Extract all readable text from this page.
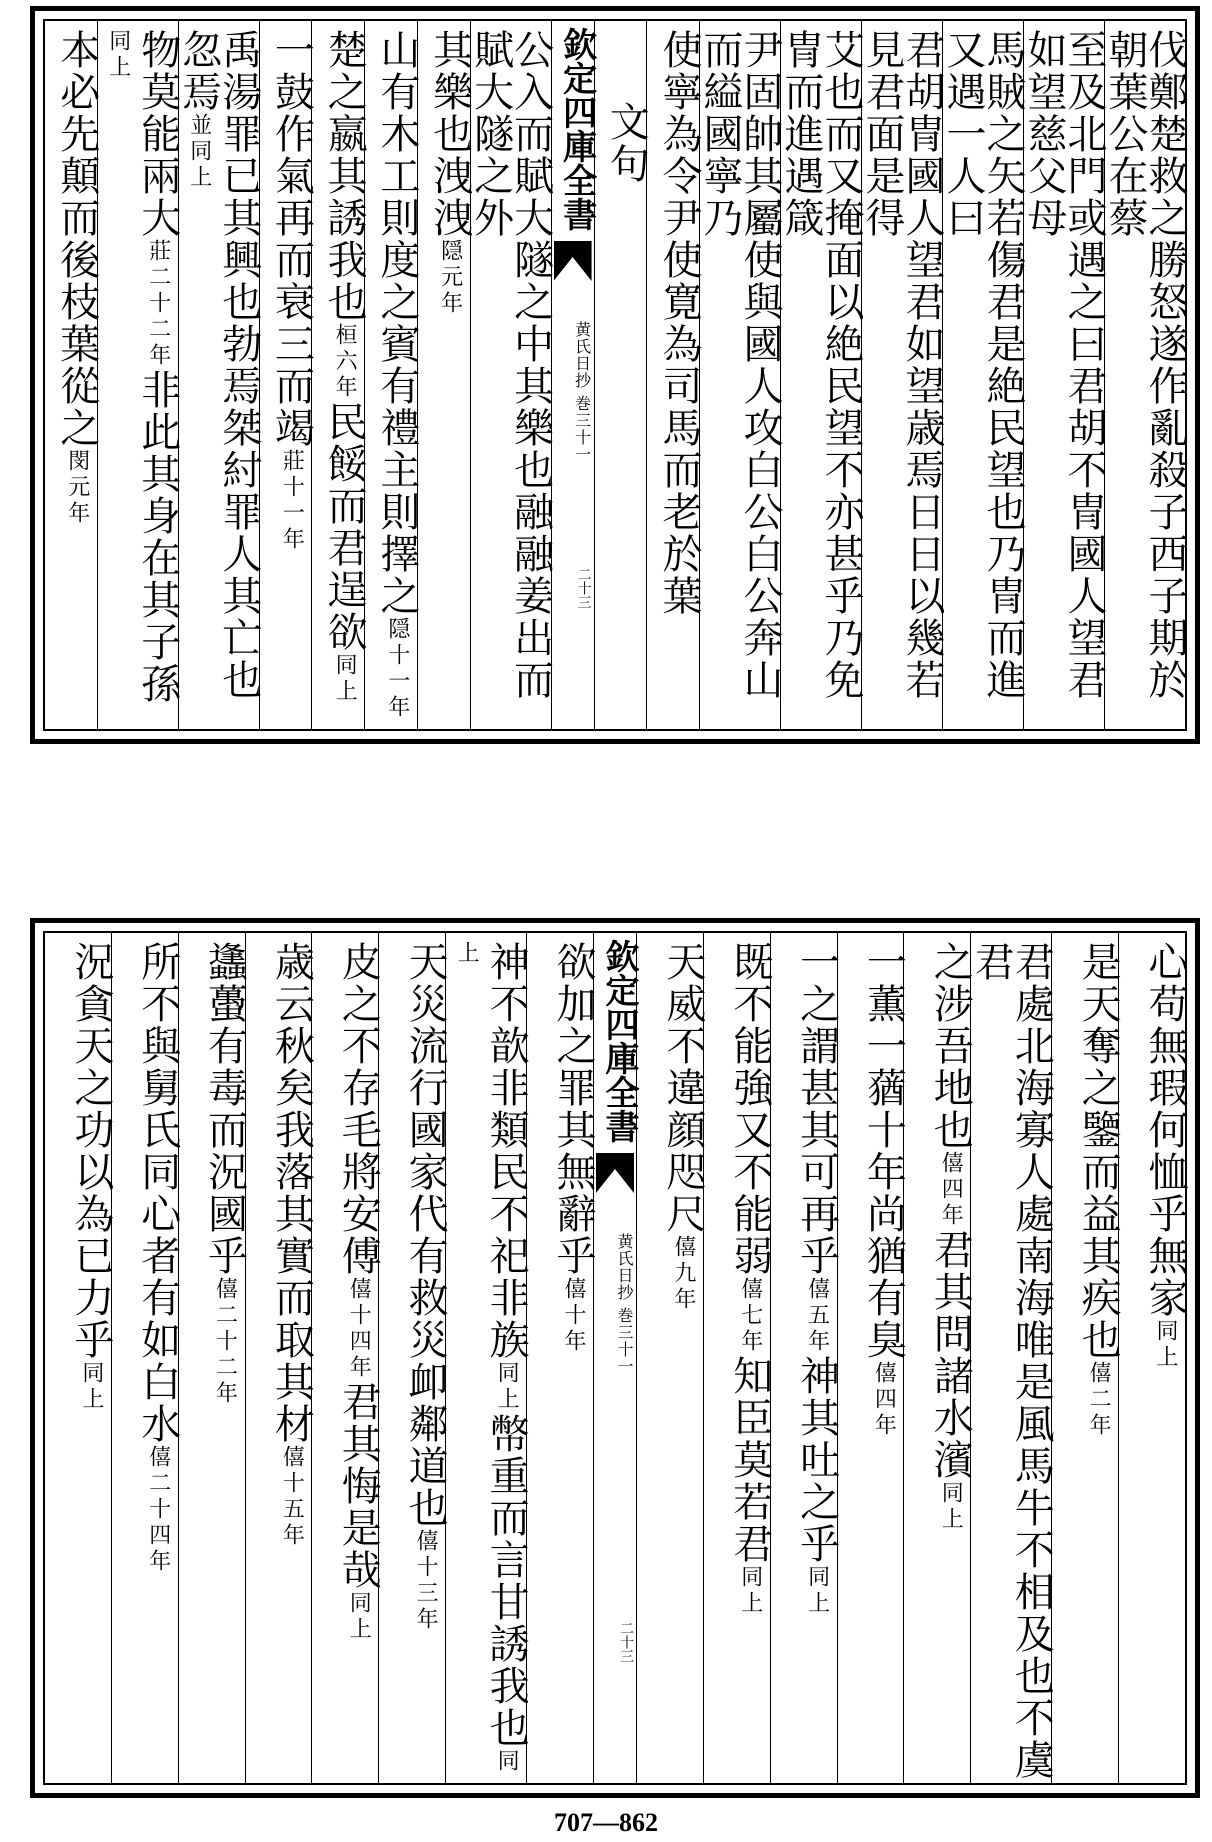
伐鄭楚救之勝怒遂作亂殺子西子期於朝葉公在蔡
至及北門或遇之曰君胡不冑國人望君如望慈父母
馬賊之矢若傷君是絶民望也乃冑而進又遇一人曰
君胡冑國人望君如望歳焉日日以幾若見君面是得
艾也而又掩面以絶民望不亦甚乎乃免冑而進遇箴
尹固帥其屬使與國人攻白公白公奔山而縊國寧乃
使寧為令尹使寛為司馬而老於葉
文句
欽定四庫全書
黄氏日抄 巻三十一
二十三
公入而賦大隧之中其樂也融融姜出而賦大隧之外
其樂也洩洩隠元年
山有木工則度之賓有禮主則擇之隠十一年
楚之嬴其誘我也桓六年民餒而君逞欲同上
一鼓作氣再而衰三而竭莊十一年
禹湯罪已其興也勃焉桀紂罪人其亡也忽焉並同上
物莫能兩大莊二十二年非此其身在其子孫同上
本必先顛而後枝葉從之閔元年
心苟無瑕何恤乎無家同上
是天奪之鑒而益其疾也僖二年
君處北海寡人處南海唯是風馬牛不相及也不虞君
之涉吾地也僖四年君其問諸水濱同上
一薫一蕕十年尚猶有臭僖四年
一之謂甚其可再乎僖五年神其吐之乎同上
既不能強又不能弱僖七年知臣莫若君同上
天威不違顔咫尺僖九年
欽定四庫全書
黄氏日抄 巻三十一
二十三
欲加之罪其無辭乎僖十年
神不歆非類民不祀非族同上幣重而言甘誘我也同上
天災流行國家代有救災卹鄰道也僖十三年
皮之不存毛將安傅僖十四年君其悔是哉同上
歳云秋矣我落其實而取其材僖十五年
蠭蠆有毒而況國乎僖二十二年
所不與舅氏同心者有如白水僖二十四年
況貪天之功以為已力乎同上
707—862
